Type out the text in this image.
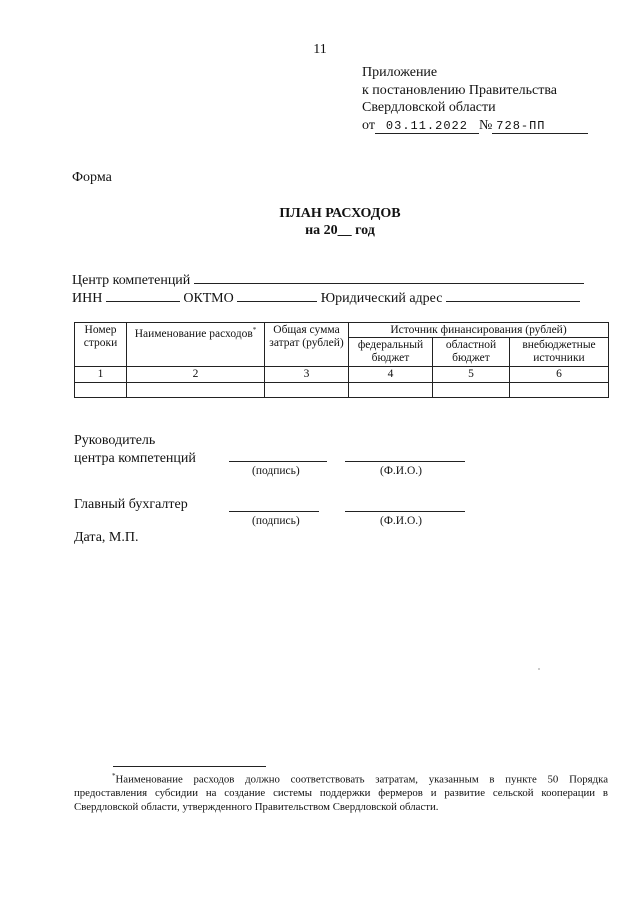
11
Приложение
к постановлению Правительства
Свердловской области
от 03.11.2022 № 728-ПП
Форма
ПЛАН РАСХОДОВ
на 20__ год
Центр компетенций
ИНН	ОКТМО	Юридический адрес
Номер строки	Наименование расходов*	Общая сумма затрат (рублей)	Источник финансирования (рублей)		
			федеральный бюджет	областной бюджет	внебюджетные источники
1	2	3	4	5	6

Руководитель
центра компетенций
(подпись)	(Ф.И.О.)
Главный бухгалтер
(подпись)	(Ф.И.О.)
Дата, М.П.
*Наименование расходов должно соответствовать затратам, указанным в пункте 50 Порядка предоставления субсидии на создание системы поддержки фермеров и развитие сельской кооперации в Свердловской области, утвержденного Правительством Свердловской области.
